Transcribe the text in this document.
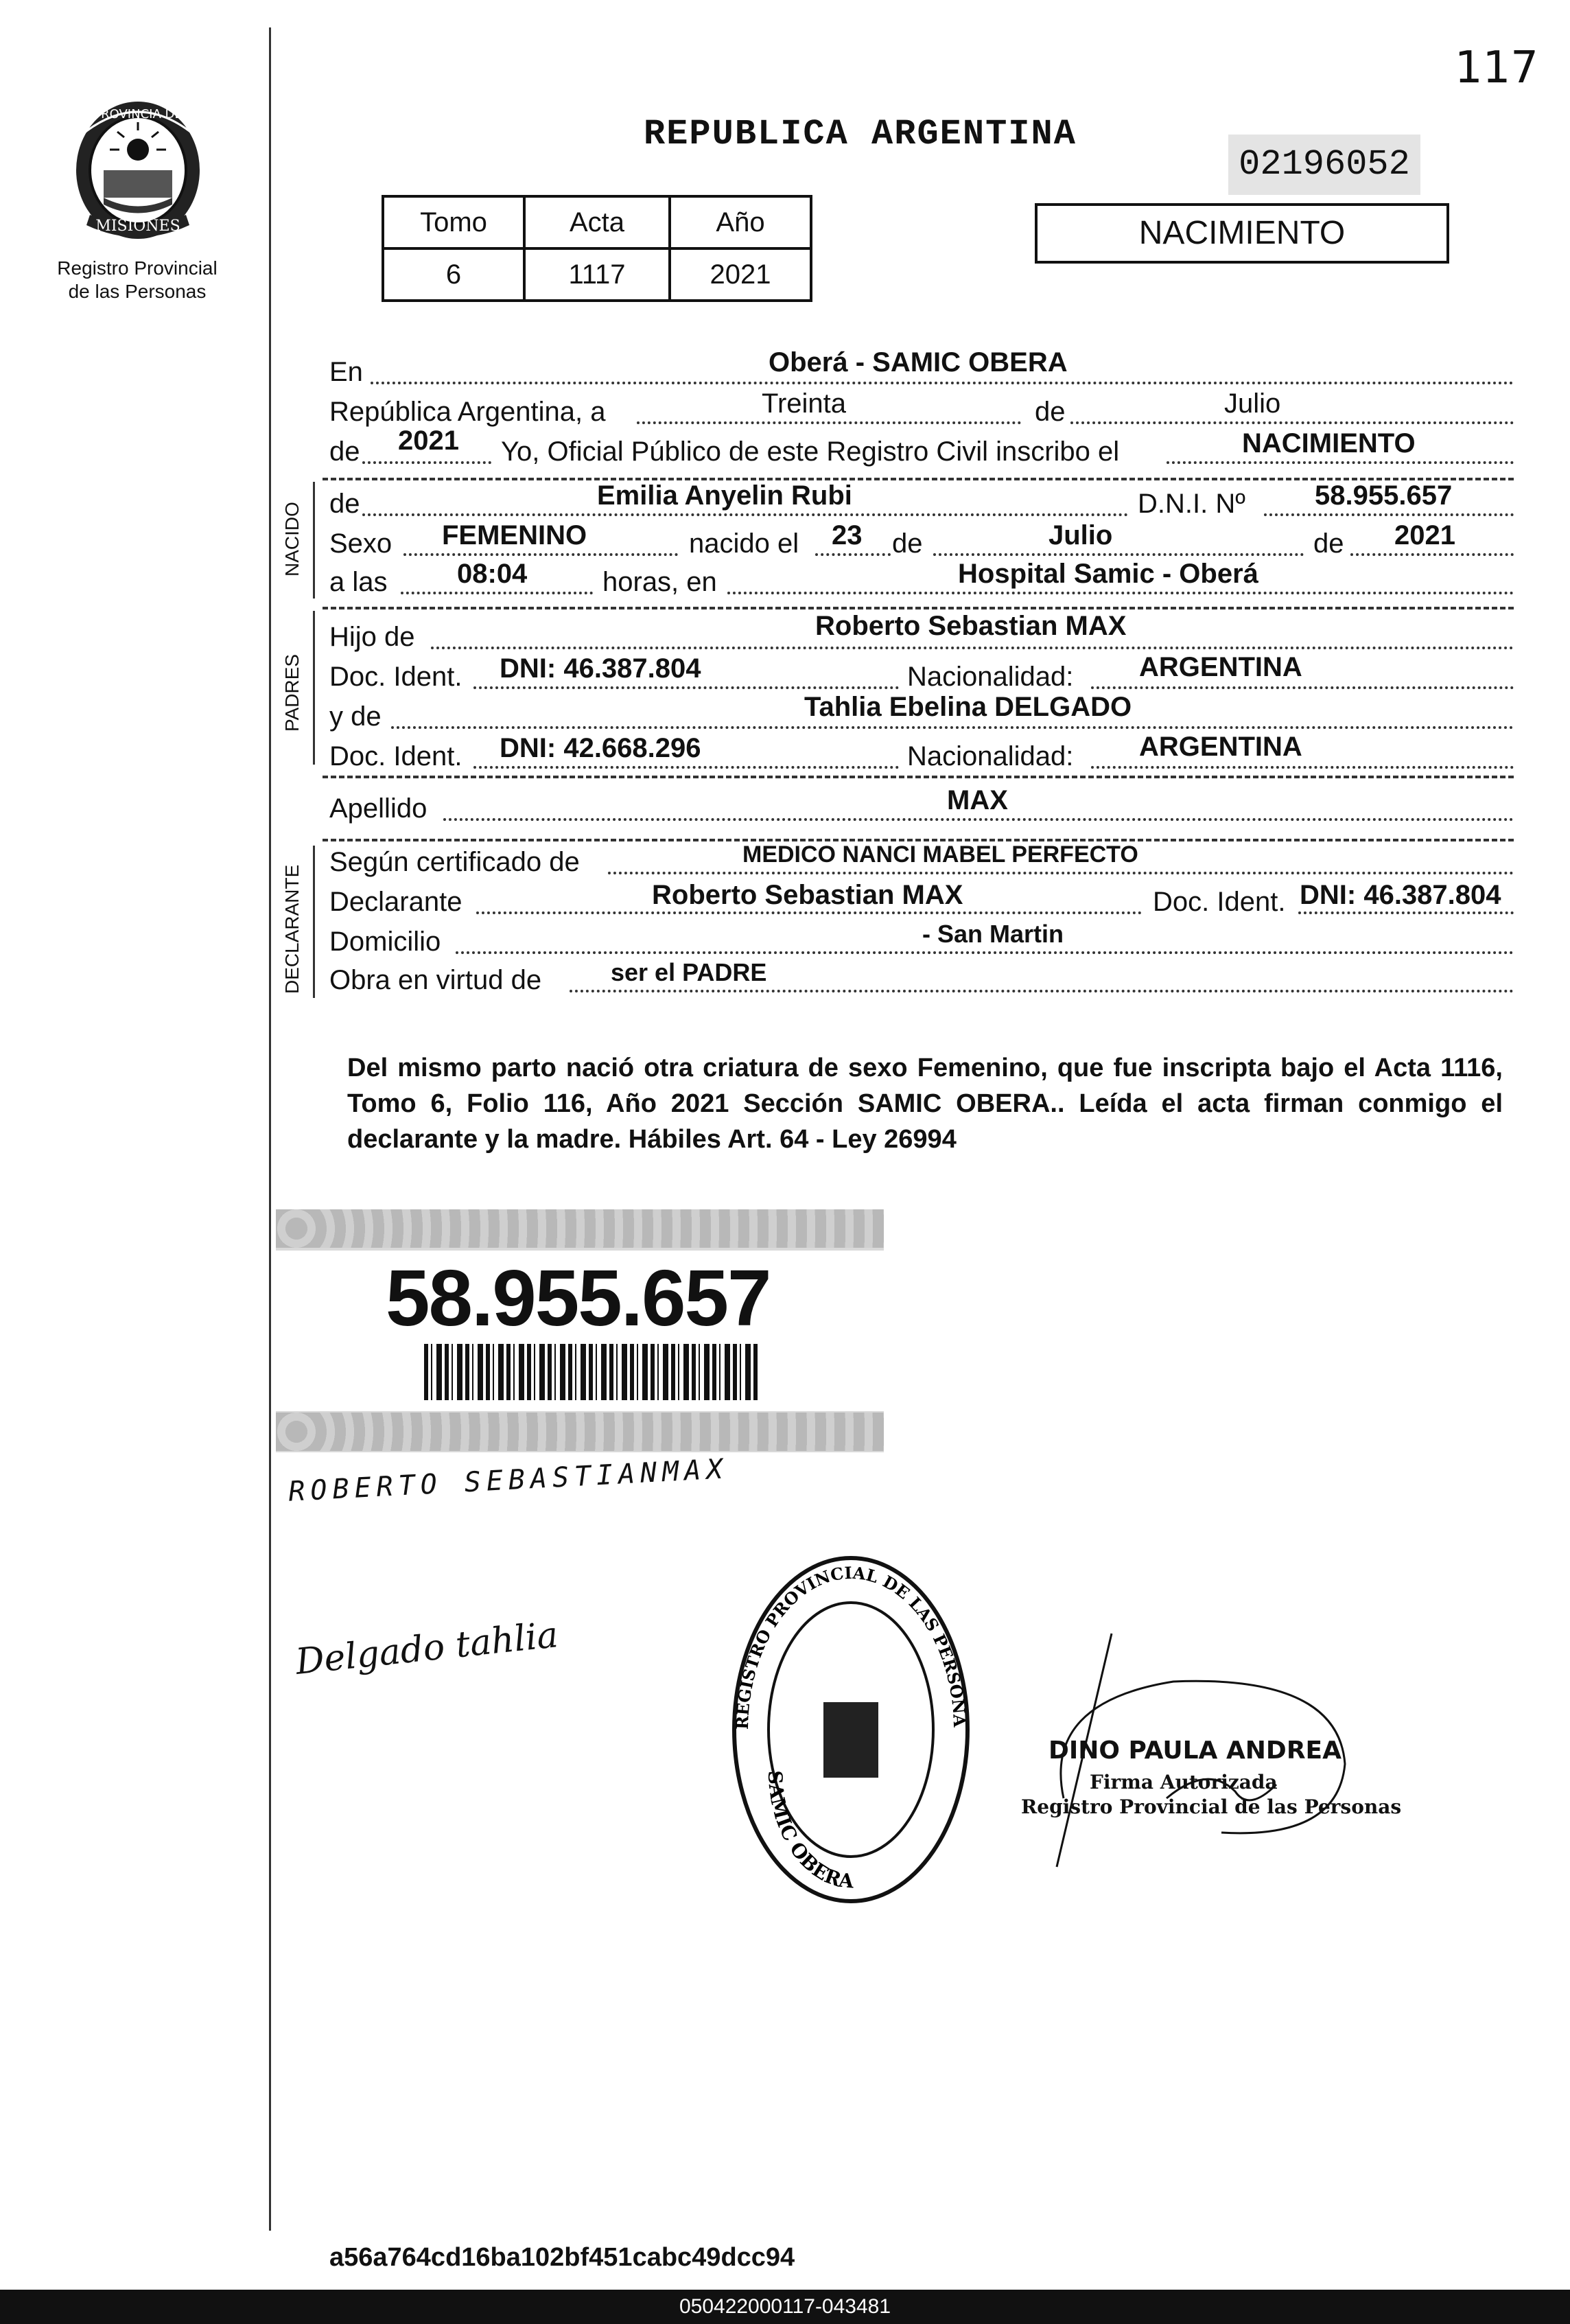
117
PROVINCIA DE
MISIONES
Registro Provincial
de las Personas
REPUBLICA ARGENTINA
02196052
NACIMIENTO
Tomo	Acta	Año
6	1117	2021
En	Oberá - SAMIC OBERA
República Argentina, a	Treinta	de	Julio
de 2021 Yo, Oficial Público de este Registro Civil inscribo el	NACIMIENTO
NACIDO de	Emilia Anyelin Rubi	D.N.I. Nº	58.955.657
Sexo FEMENINO	nacido el 23 de	Julio	de 2021
a las	08:04	horas, en	Hospital Samic - Oberá
PADRES
Hijo de	Roberto Sebastian MAX
Doc. Ident. DNI: 46.387.804	Nacionalidad: ARGENTINA
y de	Tahlia Ebelina DELGADO
Doc. Ident. DNI: 42.668.296	Nacionalidad: ARGENTINA
Apellido	MAX
DECLARANTE
Según certificado de	MEDICO NANCI MABEL PERFECTO
Declarante	Roberto Sebastian MAX	Doc. Ident. DNI: 46.387.804
Domicilio	- San Martin
Obra en virtud de	ser el PADRE
Del mismo parto nació otra criatura de sexo Femenino, que fue inscripta bajo el Acta 1116, Tomo 6, Folio 116, Año 2021 Sección SAMIC OBERA.. Leída el acta firman conmigo el declarante y la madre. Hábiles Art. 64 - Ley 26994
58.955.657
ROBERTO SEBASTIANMAX
Delgado tahlia
REGISTRO PROVINCIAL DE LAS PERSONA
SAMIC OBERA
DINO PAULA ANDREA
Firma Autorizada
Registro Provincial de las Personas
a56a764cd16ba102bf451cabc49dcc94
050422000117-043481
